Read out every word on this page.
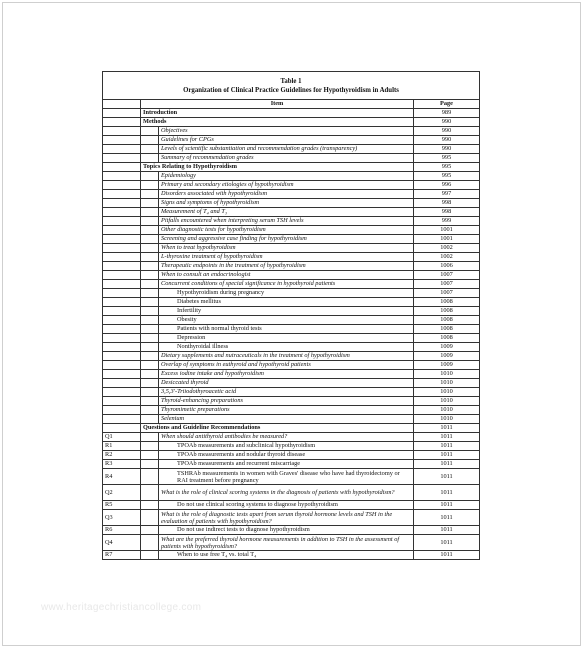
Table 1
Organization of Clinical Practice Guidelines for Hypothyroidism in Adults			

	Item		Page
	Introduction		989
	Methods		990
		Objectives	990
		Guidelines for CPGs	990
		Levels of scientific substantiation and recommendation grades (transparency)	990
		Summary of recommendation grades	995
	Topics Relating to Hypothyroidism		995
		Epidemiology	995
		Primary and secondary etiologies of hypothyroidism	996
		Disorders associated with hypothyroidism	997
		Signs and symptoms of hypothyroidism	998
		Measurement of T₄ and T₃	998
		Pitfalls encountered when interpreting serum TSH levels	999
		Other diagnostic tests for hypothyroidism	1001
		Screening and aggressive case finding for hypothyroidism	1001
		When to treat hypothyroidism	1002
		L-thyroxine treatment of hypothyroidism	1002
		Therapeutic endpoints in the treatment of hypothyroidism	1006
		When to consult an endocrinologist	1007
		Concurrent conditions of special significance in hypothyroid patients	1007
		Hypothyroidism during pregnancy	1007
		Diabetes mellitus	1008
		Infertility	1008
		Obesity	1008
		Patients with normal thyroid tests	1008
		Depression	1008
		Nonthyroidal illness	1009
		Dietary supplements and nutraceuticals in the treatment of hypothyroidism	1009
		Overlap of symptoms in euthyroid and hypothyroid patients	1009
		Excess iodine intake and hypothyroidism	1010
		Desiccated thyroid	1010
		3,5,3′-Triiodothyroacetic acid	1010
		Thyroid-enhancing preparations	1010
		Thyromimetic preparations	1010
		Selenium	1010
	Questions and Guideline Recommendations		1011
Q1		When should antithyroid antibodies be measured?	1011
R1		TPOAb measurements and subclinical hypothyroidism	1011
R2		TPOAb measurements and nodular thyroid disease	1011
R3		TPOAb measurements and recurrent miscarriage	1011
R4		TSHRAb measurements in women with Graves' disease who have had thyroidectomy or RAI treatment before pregnancy	1011
Q2		What is the role of clinical scoring systems in the diagnosis of patients with hypothyroidism?	1011
R5		Do not use clinical scoring systems to diagnose hypothyroidism	1011
Q3		What is the role of diagnostic tests apart from serum thyroid hormone levels and TSH in the evaluation of patients with hypothyroidism?	1011
R6		Do not use indirect tests to diagnose hypothyroidism	1011
Q4		What are the preferred thyroid hormone measurements in addition to TSH in the assessment of patients with hypothyroidism?	1011
R7		When to use free T₄ vs. total T₄	1011
www.heritagechristiancollege.com
